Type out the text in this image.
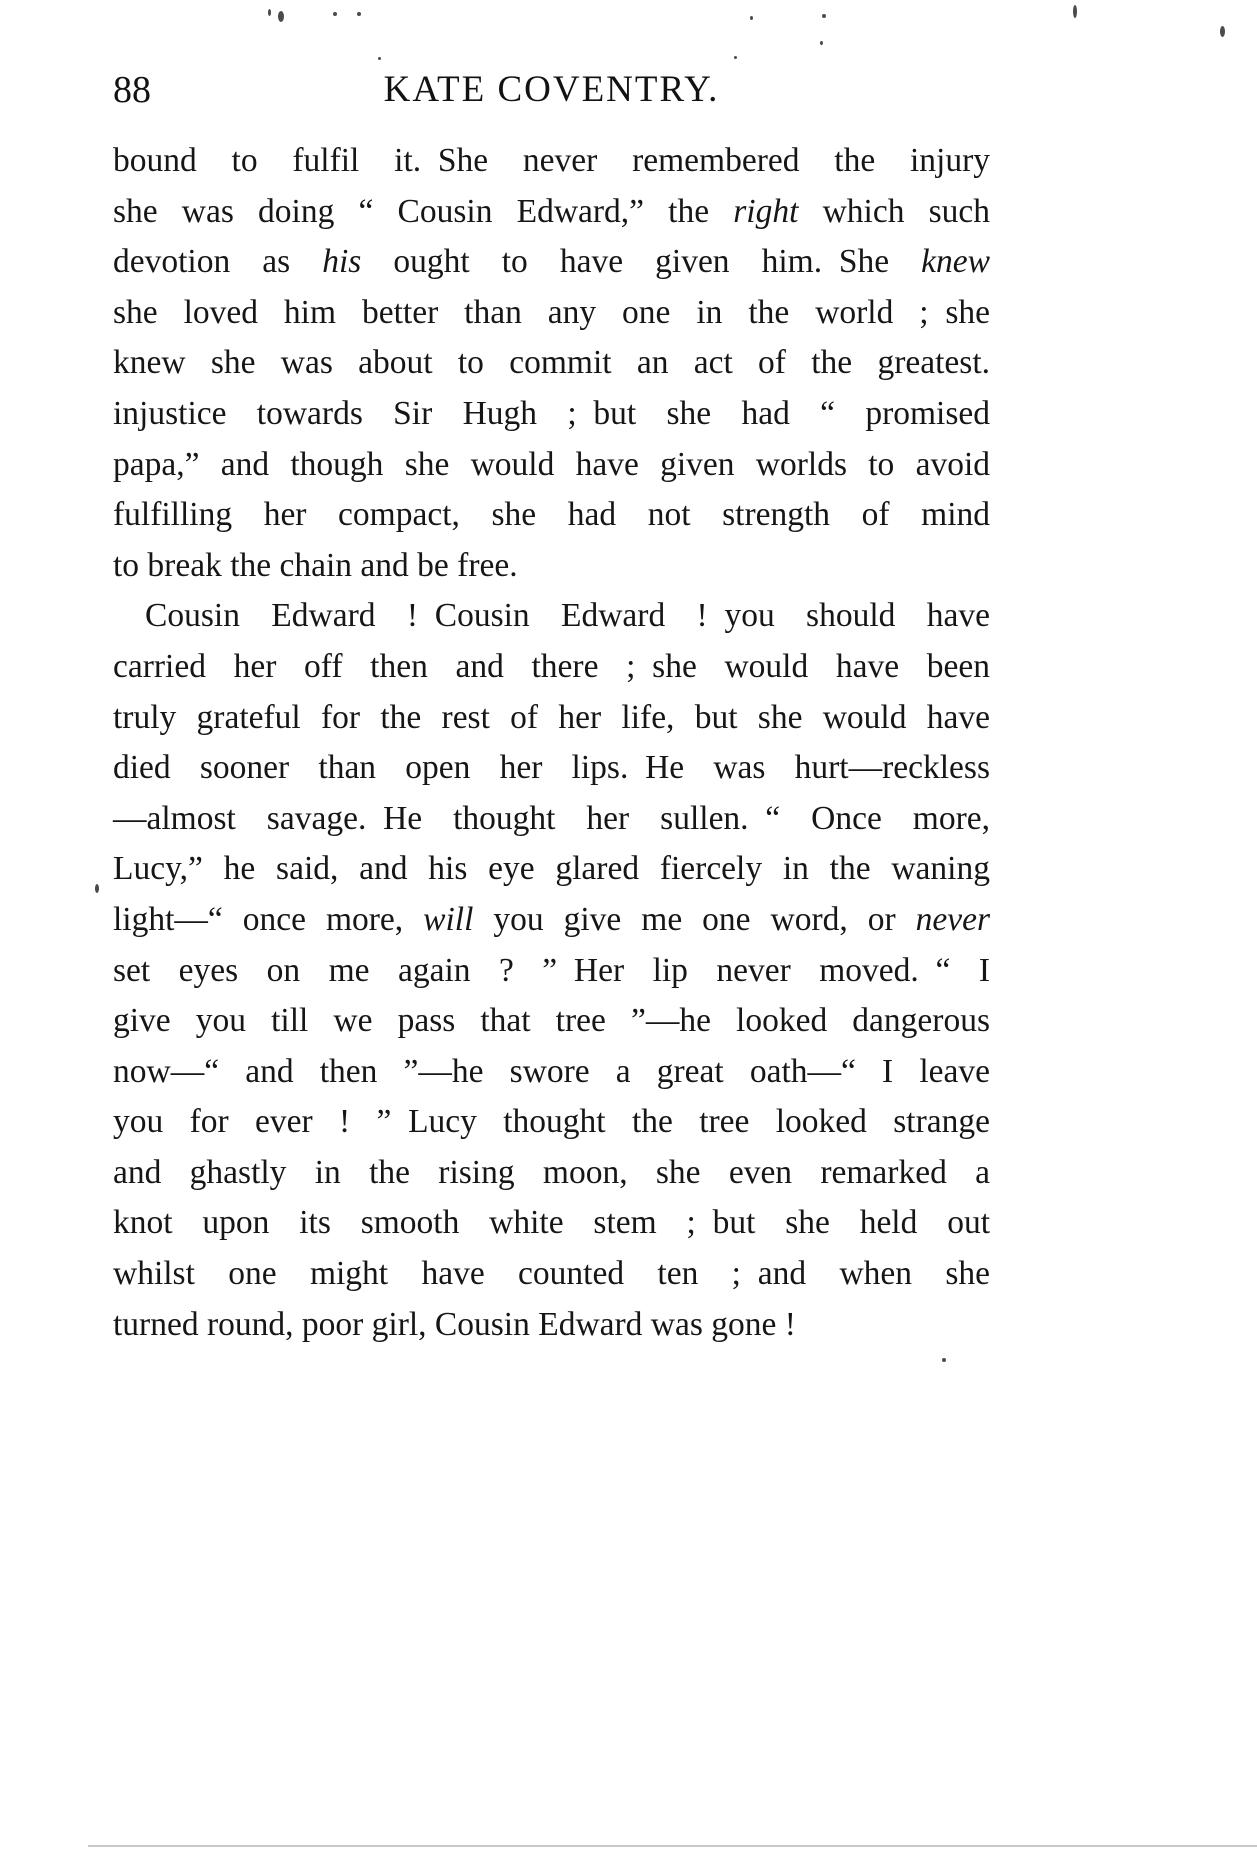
88	KATE COVENTRY.
bound to fulfil it. She never remembered the injury
she was doing “ Cousin Edward,” the right which such
devotion as his ought to have given him. She knew
she loved him better than any one in the world ; she
knew she was about to commit an act of the greatest.
injustice towards Sir Hugh ; but she had “ promised
papa,” and though she would have given worlds to avoid
fulfilling her compact, she had not strength of mind
to break the chain and be free.
Cousin Edward ! Cousin Edward ! you should have
carried her off then and there ; she would have been
truly grateful for the rest of her life, but she would have
died sooner than open her lips. He was hurt—reckless
—almost savage. He thought her sullen. “ Once more,
Lucy,” he said, and his eye glared fiercely in the waning
light—“ once more, will you give me one word, or never
set eyes on me again ? ” Her lip never moved. “ I
give you till we pass that tree ”—he looked dangerous
now—“ and then ”—he swore a great oath—“ I leave
you for ever ! ” Lucy thought the tree looked strange
and ghastly in the rising moon, she even remarked a
knot upon its smooth white stem ; but she held out
whilst one might have counted ten ; and when she
turned round, poor girl, Cousin Edward was gone !
